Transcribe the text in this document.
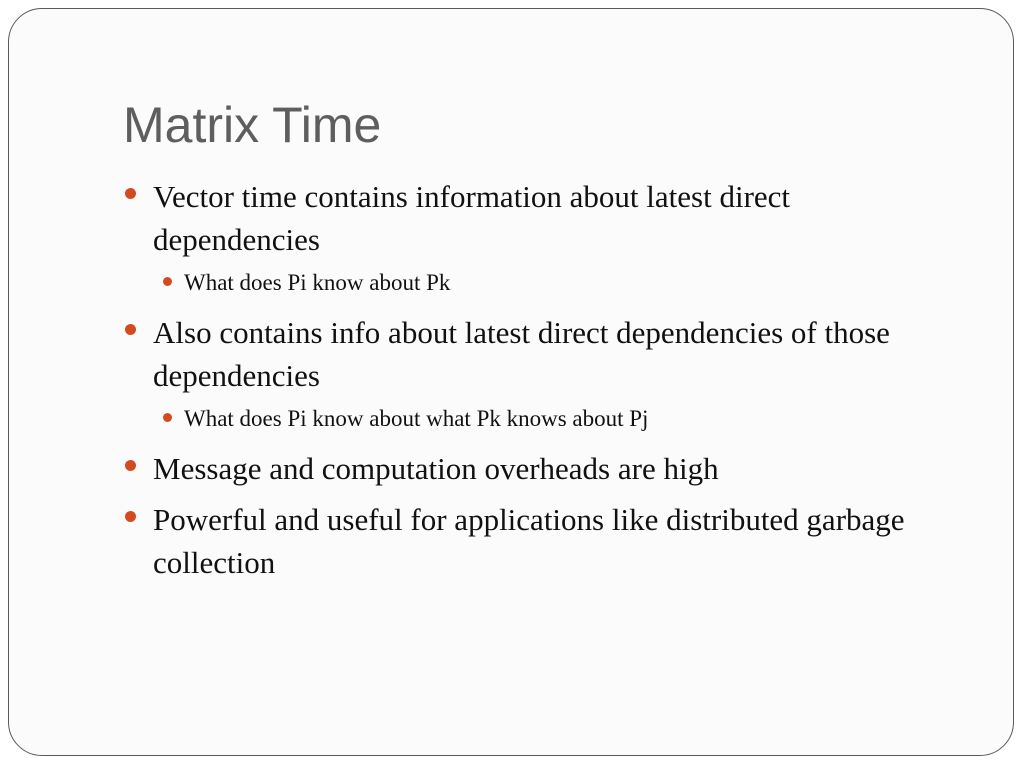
Matrix Time
Vector time contains information about latest direct dependencies
What does Pi know about Pk
Also contains info about latest direct dependencies of those dependencies
What does Pi know about what Pk knows about Pj
Message and computation overheads are high
Powerful and useful for applications like distributed garbage collection
